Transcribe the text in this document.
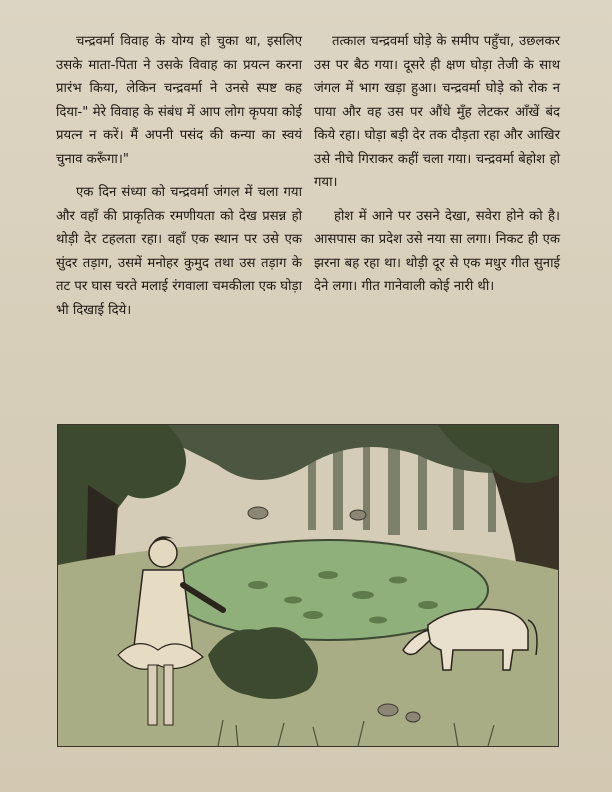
चन्द्रवर्मा विवाह के योग्य हो चुका था, इसलिए उसके माता-पिता ने उसके विवाह का प्रयत्न करना प्रारंभ किया, लेकिन चन्द्रवर्मा ने उनसे स्पष्ट कह दिया-" मेरे विवाह के संबंध में आप लोग कृपया कोई प्रयत्न न करें। मैं अपनी पसंद की कन्या का स्वयं चुनाव करूँगा।"

एक दिन संध्या को चन्द्रवर्मा जंगल में चला गया और वहाँ की प्राकृतिक रमणीयता को देख प्रसन्न हो थोड़ी देर टहलता रहा। वहाँ एक स्थान पर उसे एक सुंदर तड़ाग, उसमें मनोहर कुमुद तथा उस तड़ाग के तट पर घास चरते मलाई रंगवाला चमकीला एक घोड़ा भी दिखाई दिये।

तत्काल चन्द्रवर्मा घोड़े के समीप पहुँचा, उछलकर उस पर बैठ गया। दूसरे ही क्षण घोड़ा तेजी के साथ जंगल में भाग खड़ा हुआ। चन्द्रवर्मा घोड़े को रोक न पाया और वह उस पर औंधे मुँह लेटकर आँखें बंद किये रहा। घोड़ा बड़ी देर तक दौड़ता रहा और आखिर उसे नीचे गिराकर कहीं चला गया। चन्द्रवर्मा बेहोश हो गया।

होश में आने पर उसने देखा, सवेरा होने को है। आसपास का प्रदेश उसे नया सा लगा। निकट ही एक झरना बह रहा था। थोड़ी दूर से एक मधुर गीत सुनाई देने लगा। गीत गानेवाली कोई नारी थी।
